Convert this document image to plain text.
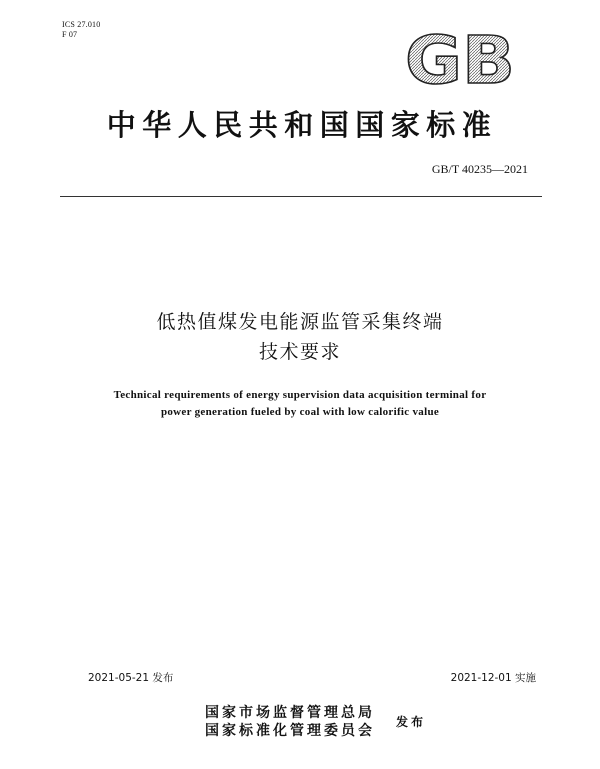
ICS 27.010
F 07	GB
中华人民共和国国家标准
GB/T 40235—2021
低热值煤发电能源监管采集终端
技术要求
Technical requirements of energy supervision data acquisition terminal for
power generation fueled by coal with low calorific value
2021-05-21 发布	2021-12-01 实施
国家市场监督管理总局
国家标准化管理委员会
发布
